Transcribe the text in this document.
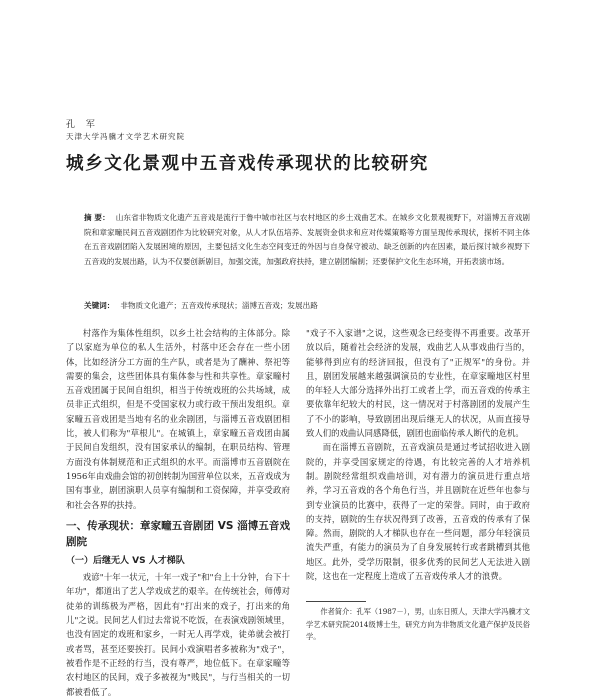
孔 军
天津大学冯骥才文学艺术研究院
城乡文化景观中五音戏传承现状的比较研究
摘 要： 山东省非物质文化遗产五音戏是流行于鲁中城市社区与农村地区的乡土戏曲艺术。在城乡文化景观视野下，对淄博五音戏剧院和章家疃民间五音戏剧团作为比较研究对象，从人才队伍培养、发展资金供求和应对传媒策略等方面呈现传承现状，探析不同主体在五音戏剧团陷入发展困境的原因，主要包括文化生态空间变迁的外因与自身保守被动、缺乏创新的内在因素，最后探讨城乡视野下五音戏的发展出路，认为不仅要创新剧目，加强交流，加强政府扶持，建立剧团编制；还要保护文化生态环境，开拓表演市场。
关键词： 非物质文化遗产；五音戏传承现状；淄博五音戏；发展出路

村落作为集体性组织，以乡土社会结构的主体部分。除了以家庭为单位的私人生活外，村落中还会存在一些小团体，比如经济分工方面的生产队，或者是为了酬神、祭祀等需要的集会，这些团体具有集体参与性和共享性。章家疃村五音戏团属于民间自组织，相当于传统戏班的公共场域，成员非正式组织，但是不受国家权力或行政干预出发组织。章家疃五音戏团是当地有名的业余剧团，与淄博五音戏剧团相比，被人们称为"草根儿"。在城镇上，章家疃五音戏团由属于民间自发组织，没有国家承认的编制，在职员结构、管理方面没有体制规范和正式组织的水平。而淄博市五音剧院在1956年由戏曲会馆的初创转制为国营单位以来，五音戏成为国有事业，剧团演职人员享有编制和工资保障，并享受政府和社会各界的扶持。

一、传承现状：章家疃五音剧团 VS 淄博五音戏剧院
（一）后继无人 VS 人才梯队

戏谚"十年一状元，十年一戏子"和"台上十分钟，台下十年功"，都道出了艺人学戏成艺的艰辛。在传统社会，师傅对徒弟的训练极为严格，因此有"打出来的戏子，打出来的角儿"之说。民间艺人们过去常说不吃饭，在表演戏剧领域里，也没有固定的戏班和家乡，一时无人再学戏，徒弟就会被打或者骂，甚至还要挨打。民间小戏演唱者多被称为"戏子"，被看作是不正经的行当，没有尊严，地位低下。在章家疃等农村地区的民间，戏子多被视为"贱民"，与行当相关的一切都被看低了。

"戏子不入家谱"之说，这些观念已经变得不再重要。改革开放以后，随着社会经济的发展，戏曲艺人从事戏曲行当的，能够得到应有的经济回报，但没有了"正规军"的身份。并且，剧团发展越来越强调演员的专业性，在章家疃地区村里的年轻人大部分选择外出打工或者上学，而五音戏的传承主要依靠年纪较大的村民，这一情况对于村落剧团的发展产生了不小的影响，导致剧团出现后继无人的状况，从而直接导致人们的戏曲认同感降低，剧团也面临传承人断代的危机。

而在淄博五音剧院，五音戏演员是通过考试招收进入剧院的，并享受国家规定的待遇，有比较完善的人才培养机制。剧院经常组织戏曲培训，对有潜力的演员进行重点培养，学习五音戏的各个角色行当，并且剧院在近些年也参与到专业演员的比赛中，获得了一定的荣誉。同时，由于政府的支持，剧院的生存状况得到了改善，五音戏的传承有了保障。然而，剧院的人才梯队也存在一些问题，部分年轻演员流失严重，有能力的演员为了自身发展转行或者跳槽到其他地区。此外，受学历限制，很多优秀的民间艺人无法进入剧院，这也在一定程度上造成了五音戏传承人才的浪费。

作者简介：孔军（1987－），男，山东日照人，天津大学冯骥才文学艺术研究院2014级博士生，研究方向为非物质文化遗产保护及民俗学。
